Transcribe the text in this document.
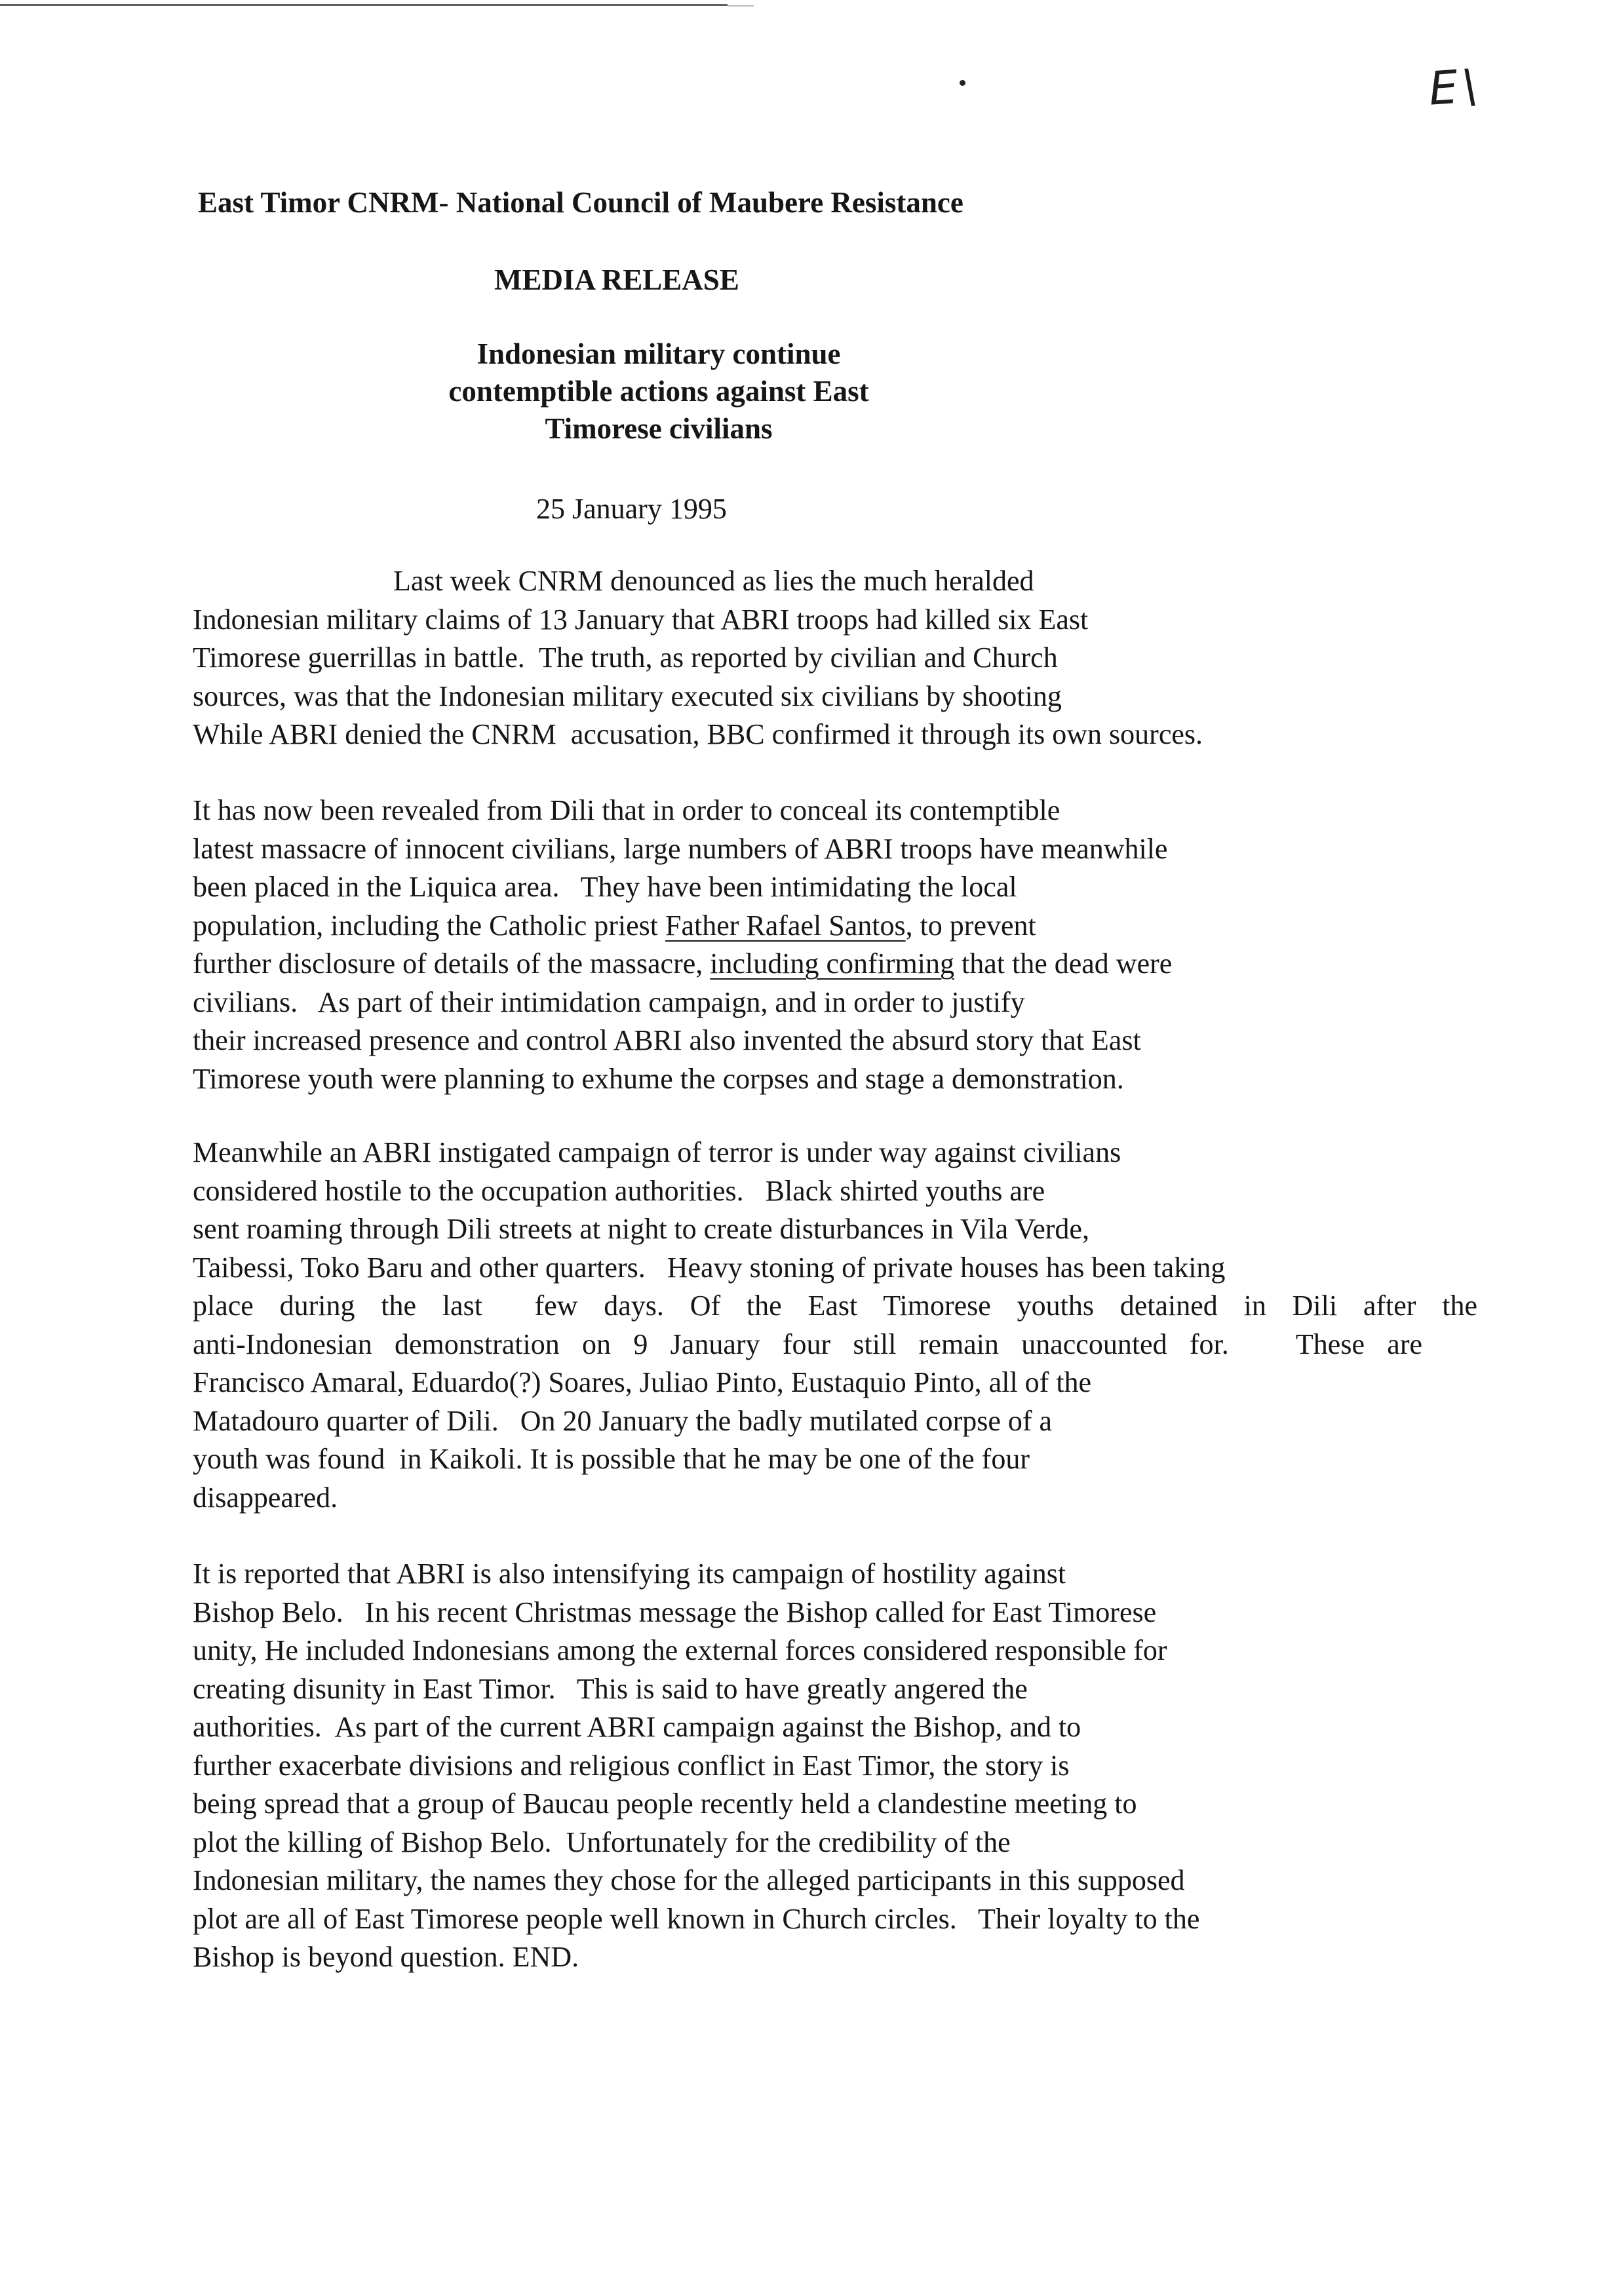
E\
East Timor CNRM- National Council of Maubere Resistance
MEDIA RELEASE
Indonesian military continue
contemptible actions against East
Timorese civilians
25 January 1995
Last week CNRM denounced as lies the much heralded
Indonesian military claims of 13 January that ABRI troops had killed six East
Timorese guerrillas in battle.  The truth, as reported by civilian and Church
sources, was that the Indonesian military executed six civilians by shooting
While ABRI denied the CNRM  accusation, BBC confirmed it through its own sources.
It has now been revealed from Dili that in order to conceal its contemptible
latest massacre of innocent civilians, large numbers of ABRI troops have meanwhile
been placed in the Liquica area.   They have been intimidating the local
population, including the Catholic priest Father Rafael Santos, to prevent
further disclosure of details of the massacre, including confirming that the dead were
civilians.   As part of their intimidation campaign, and in order to justify
their increased presence and control ABRI also invented the absurd story that East
Timorese youth were planning to exhume the corpses and stage a demonstration.
Meanwhile an ABRI instigated campaign of terror is under way against civilians
considered hostile to the occupation authorities.   Black shirted youths are
sent roaming through Dili streets at night to create disturbances in Vila Verde,
Taibessi, Toko Baru and other quarters.   Heavy stoning of private houses has been taking
place during the last  few days. Of the East Timorese youths detained in Dili after the
anti-Indonesian demonstration on 9 January four still remain unaccounted for.   These are
Francisco Amaral, Eduardo(?) Soares, Juliao Pinto, Eustaquio Pinto, all of the
Matadouro quarter of Dili.   On 20 January the badly mutilated corpse of a
youth was found  in Kaikoli. It is possible that he may be one of the four
disappeared.
It is reported that ABRI is also intensifying its campaign of hostility against
Bishop Belo.   In his recent Christmas message the Bishop called for East Timorese
unity, He included Indonesians among the external forces considered responsible for
creating disunity in East Timor.   This is said to have greatly angered the
authorities.  As part of the current ABRI campaign against the Bishop, and to
further exacerbate divisions and religious conflict in East Timor, the story is
being spread that a group of Baucau people recently held a clandestine meeting to
plot the killing of Bishop Belo.  Unfortunately for the credibility of the
Indonesian military, the names they chose for the alleged participants in this supposed
plot are all of East Timorese people well known in Church circles.   Their loyalty to the
Bishop is beyond question. END.
